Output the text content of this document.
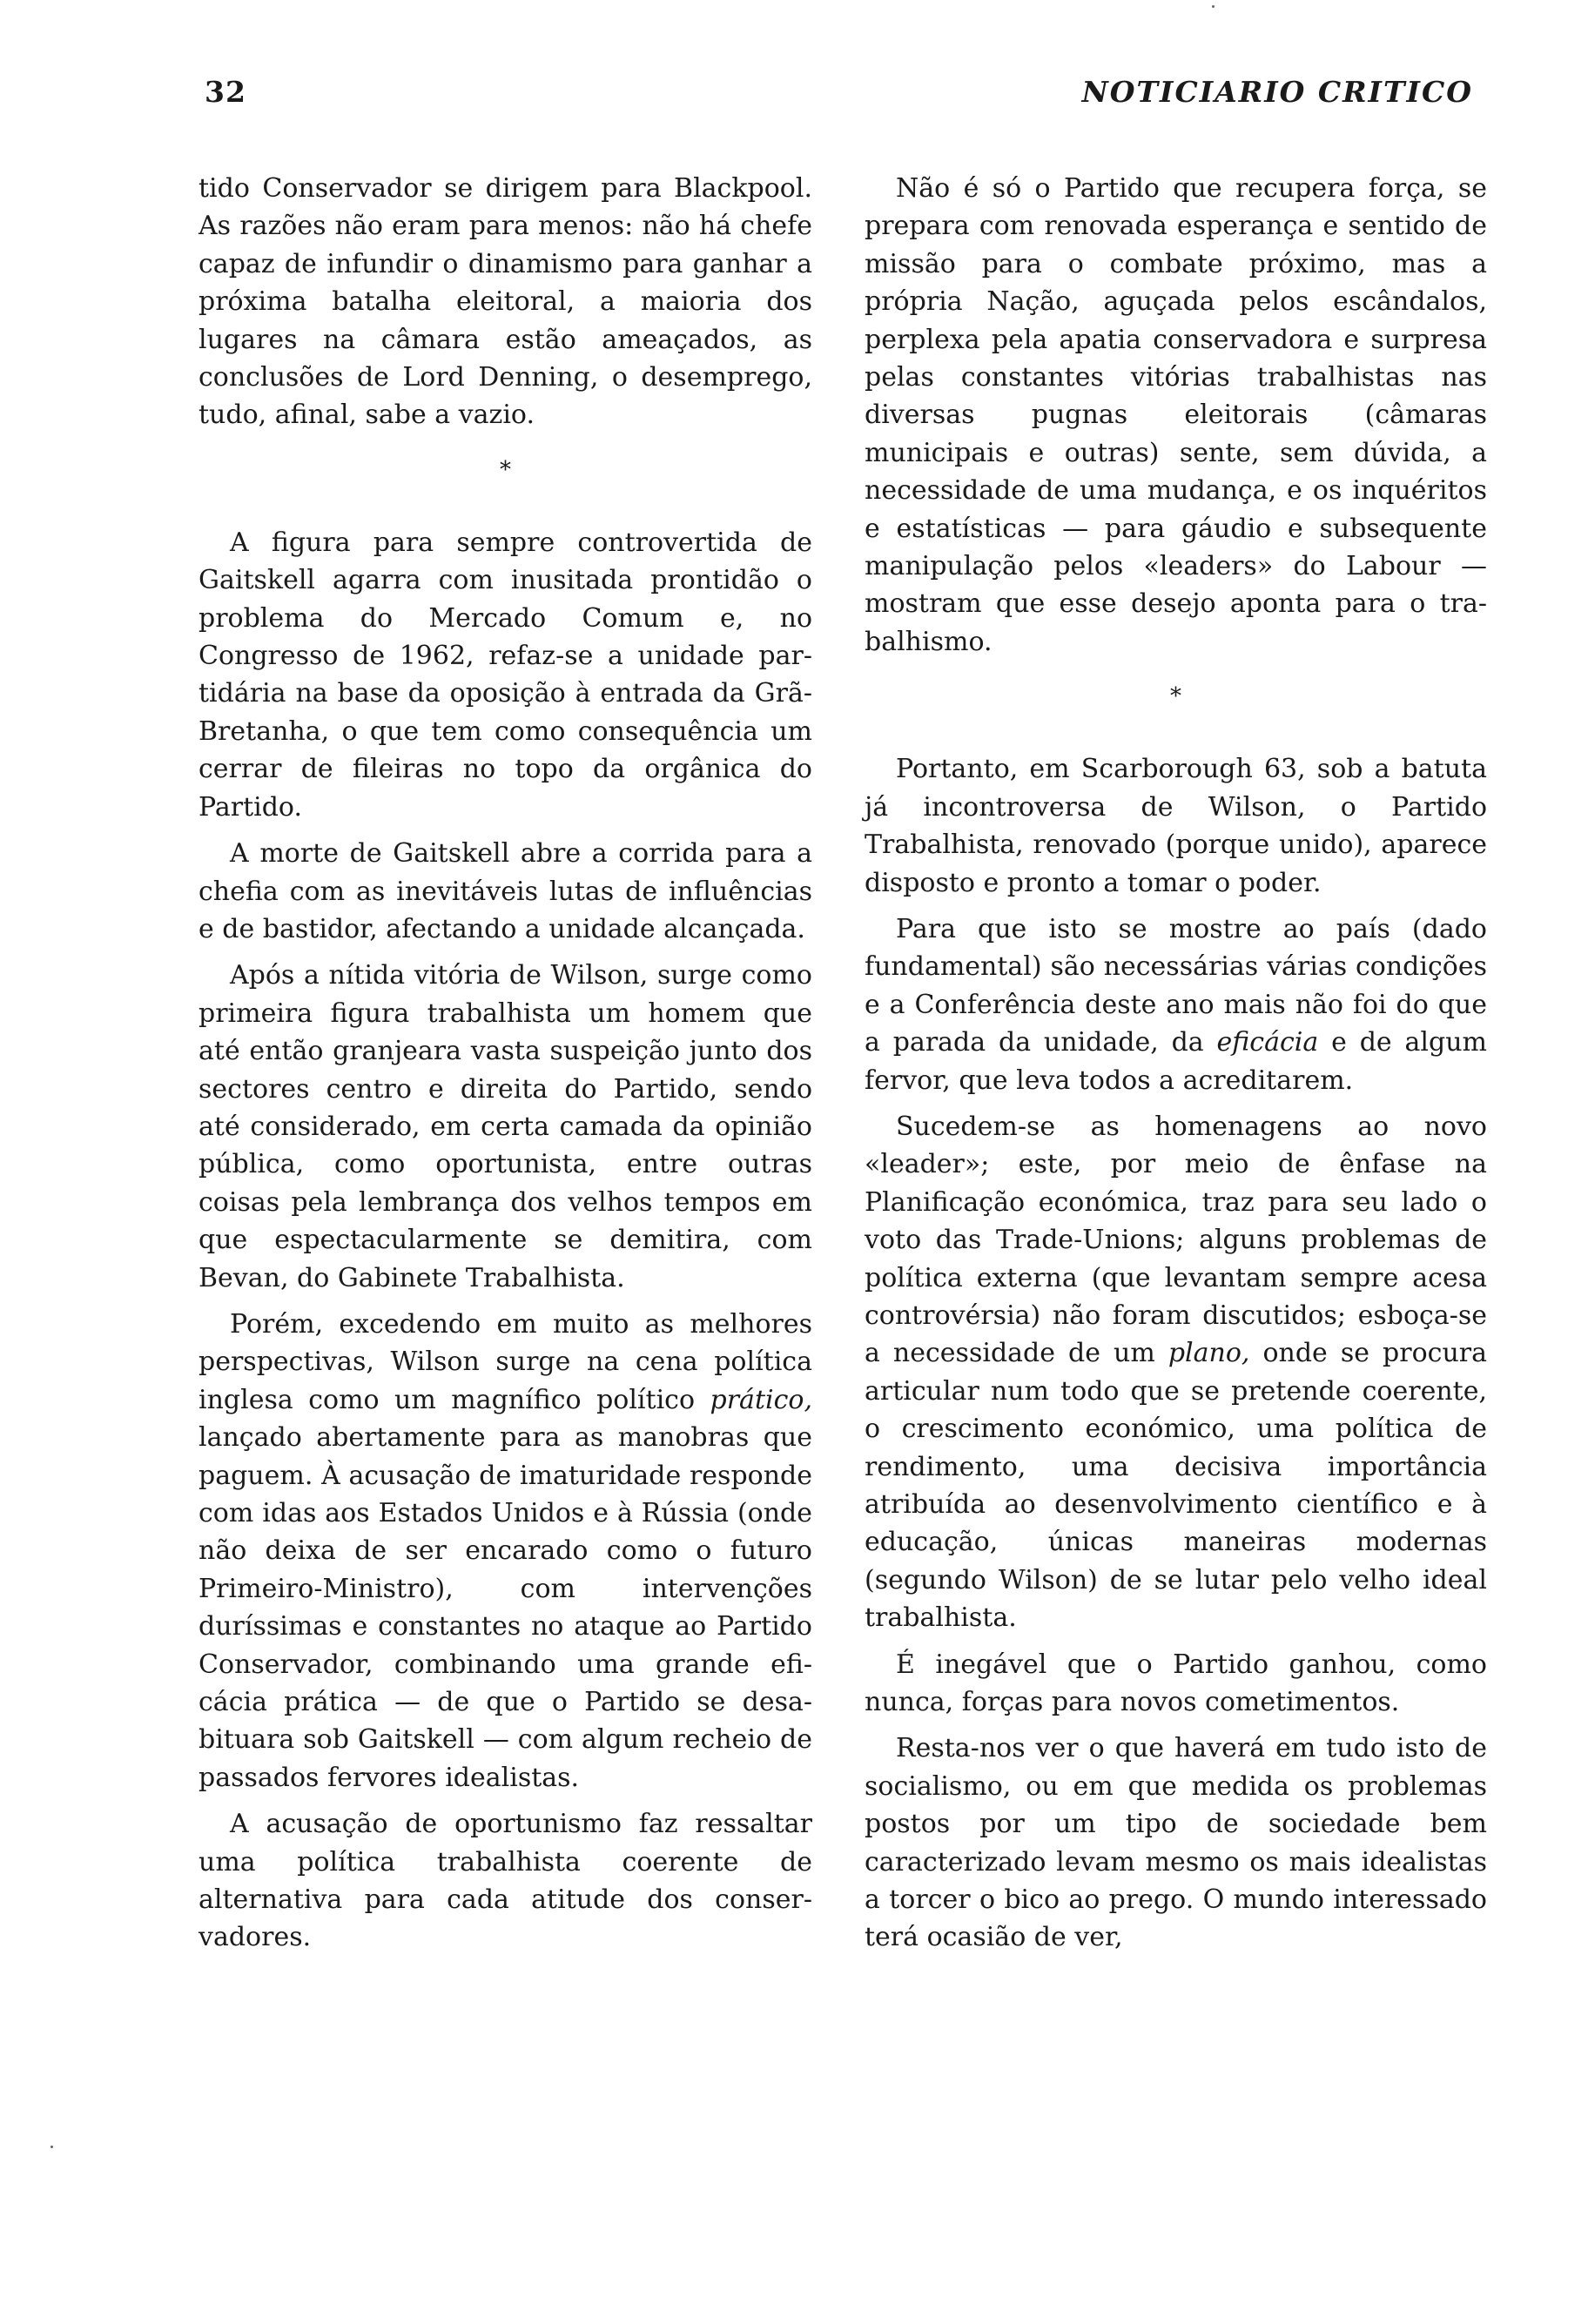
32	NOTICIARIO CRITICO

tido Conservador se dirigem para Blackpool. As razões não eram para menos: não há chefe capaz de infundir o dinamismo para ganhar a próxima batalha eleitoral, a maioria dos lugares na câmara estão ameaçados, as conclusões de Lord Denning, o desemprego, tudo, afinal, sabe a vazio.

*

A figura para sempre controvertida de Gaitskell agarra com inusitada prontidão o problema do Mercado Comum e, no Congresso de 1962, refaz-se a unidade partidária na base da oposição à entrada da Grã-Bretanha, o que tem como consequência um cerrar de fileiras no topo da orgânica do Partido.

A morte de Gaitskell abre a corrida para a chefia com as inevitáveis lutas de influências e de bastidor, afectando a unidade alcançada.

Após a nítida vitória de Wilson, surge como primeira figura trabalhista um homem que até então granjeara vasta suspeição junto dos sectores centro e direita do Partido, sendo até considerado, em certa camada da opinião pública, como oportunista, entre outras coisas pela lembrança dos velhos tempos em que espectacularmente se demitira, com Bevan, do Gabinete Trabalhista.

Porém, excedendo em muito as melhores perspectivas, Wilson surge na cena política inglesa como um magnífico político prático, lançado abertamente para as manobras que paguem. À acusação de imaturidade responde com idas aos Estados Unidos e à Rússia (onde não deixa de ser encarado como o futuro Primeiro-Ministro), com intervenções duríssimas e constantes no ataque ao Partido Conservador, combinando uma grande eficácia prática — de que o Partido se desabituara sob Gaitskell — com algum recheio de passados fervores idealistas.

A acusação de oportunismo faz ressaltar uma política trabalhista coerente de alternativa para cada atitude dos conservadores.

Não é só o Partido que recupera força, se prepara com renovada esperança e sentido de missão para o combate próximo, mas a própria Nação, aguçada pelos escândalos, perplexa pela apatia conservadora e surpresa pelas constantes vitórias trabalhistas nas diversas pugnas eleitorais (câmaras municipais e outras) sente, sem dúvida, a necessidade de uma mudança, e os inquéritos e estatísticas — para gáudio e subsequente manipulação pelos «leaders» do Labour — mostram que esse desejo aponta para o trabalhismo.

*

Portanto, em Scarborough 63, sob a batuta já incontroversa de Wilson, o Partido Trabalhista, renovado (porque unido), aparece disposto e pronto a tomar o poder.

Para que isto se mostre ao país (dado fundamental) são necessárias várias condições e a Conferência deste ano mais não foi do que a parada da unidade, da eficácia e de algum fervor, que leva todos a acreditarem.

Sucedem-se as homenagens ao novo «leader»; este, por meio de ênfase na Planificação económica, traz para seu lado o voto das Trade-Unions; alguns problemas de política externa (que levantam sempre acesa controvérsia) não foram discutidos; esboça-se a necessidade de um plano, onde se procura articular num todo que se pretende coerente, o crescimento económico, uma política de rendimento, uma decisiva importância atribuída ao desenvolvimento científico e à educação, únicas maneiras modernas (segundo Wilson) de se lutar pelo velho ideal trabalhista.

É inegável que o Partido ganhou, como nunca, forças para novos cometimentos.

Resta-nos ver o que haverá em tudo isto de socialismo, ou em que medida os problemas postos por um tipo de sociedade bem caracterizado levam mesmo os mais idealistas a torcer o bico ao prego. O mundo interessado terá ocasião de ver,
